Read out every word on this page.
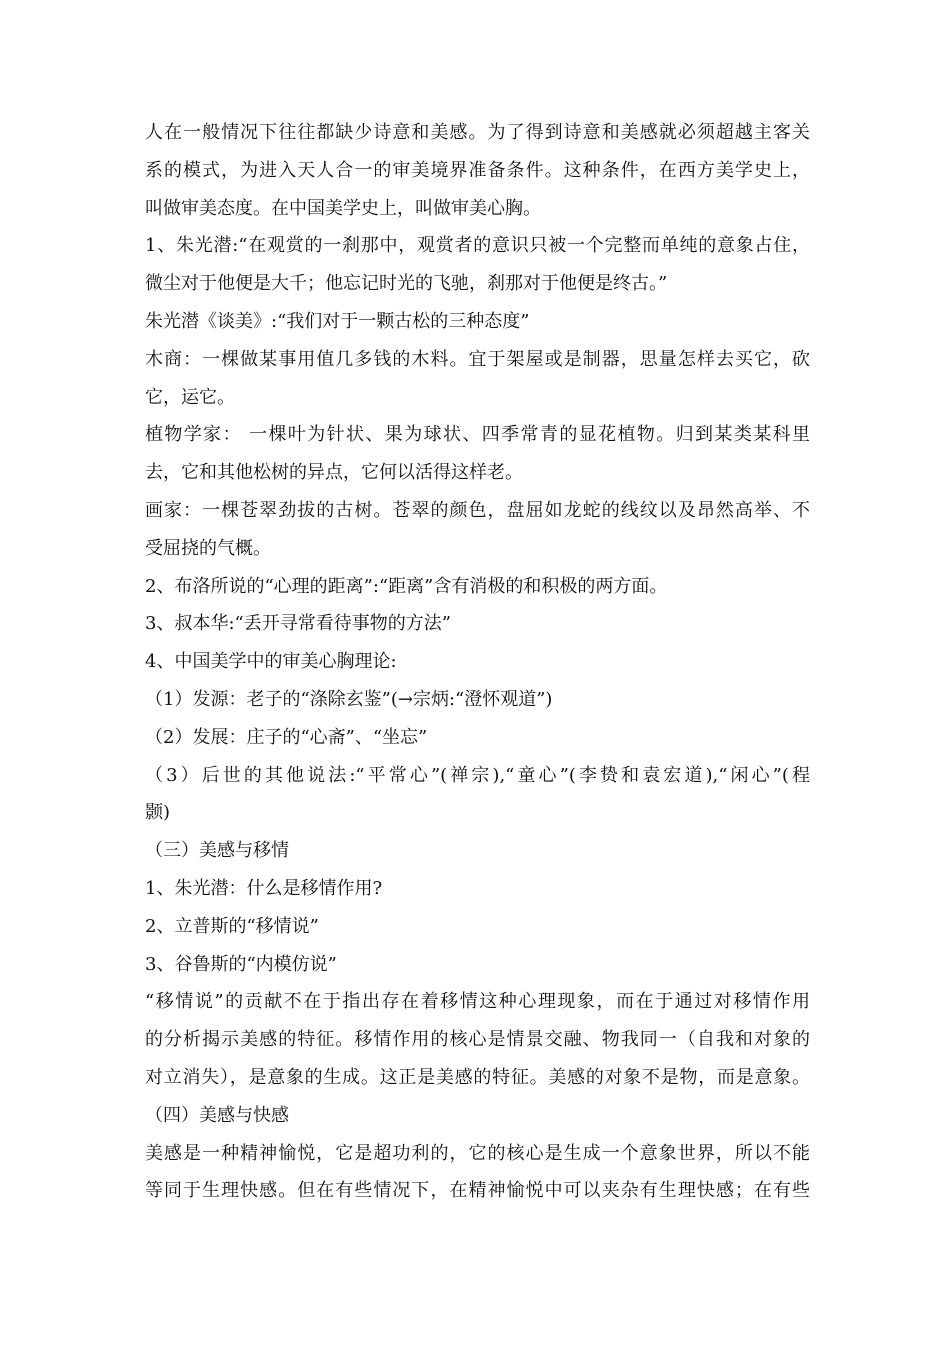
人在一般情况下往往都缺少诗意和美感。为了得到诗意和美感就必须超越主客关
系的模式，为进入天人合一的审美境界准备条件。这种条件，在西方美学史上，
叫做审美态度。在中国美学史上，叫做审美心胸。
1、朱光潜:“在观赏的一刹那中，观赏者的意识只被一个完整而单纯的意象占住，
微尘对于他便是大千；他忘记时光的飞驰，刹那对于他便是终古。”
朱光潜《谈美》:“我们对于一颗古松的三种态度”
木商：一棵做某事用值几多钱的木料。宜于架屋或是制器，思量怎样去买它，砍
它，运它。
植物学家： 一棵叶为针状、果为球状、四季常青的显花植物。归到某类某科里
去，它和其他松树的异点，它何以活得这样老。
画家：一棵苍翠劲拔的古树。苍翠的颜色，盘屈如龙蛇的线纹以及昂然高举、不
受屈挠的气概。
2、布洛所说的“心理的距离”:“距离”含有消极的和积极的两方面。
3、叔本华:“丢开寻常看待事物的方法”
4、中国美学中的审美心胸理论:
（1）发源：老子的“涤除玄鉴”(→宗炳:“澄怀观道”)
（2）发展：庄子的“心斋”、“坐忘”
（3）后世的其他说法:“平常心”(禅宗),“童心”(李贽和袁宏道),“闲心”(程
颢)
（三）美感与移情
1、朱光潜：什么是移情作用?
2、立普斯的“移情说”
3、谷鲁斯的“内模仿说”
“移情说”的贡献不在于指出存在着移情这种心理现象，而在于通过对移情作用
的分析揭示美感的特征。移情作用的核心是情景交融、物我同一（自我和对象的
对立消失），是意象的生成。这正是美感的特征。美感的对象不是物，而是意象。
（四）美感与快感
美感是一种精神愉悦，它是超功利的，它的核心是生成一个意象世界，所以不能
等同于生理快感。但在有些情况下，在精神愉悦中可以夹杂有生理快感；在有些
